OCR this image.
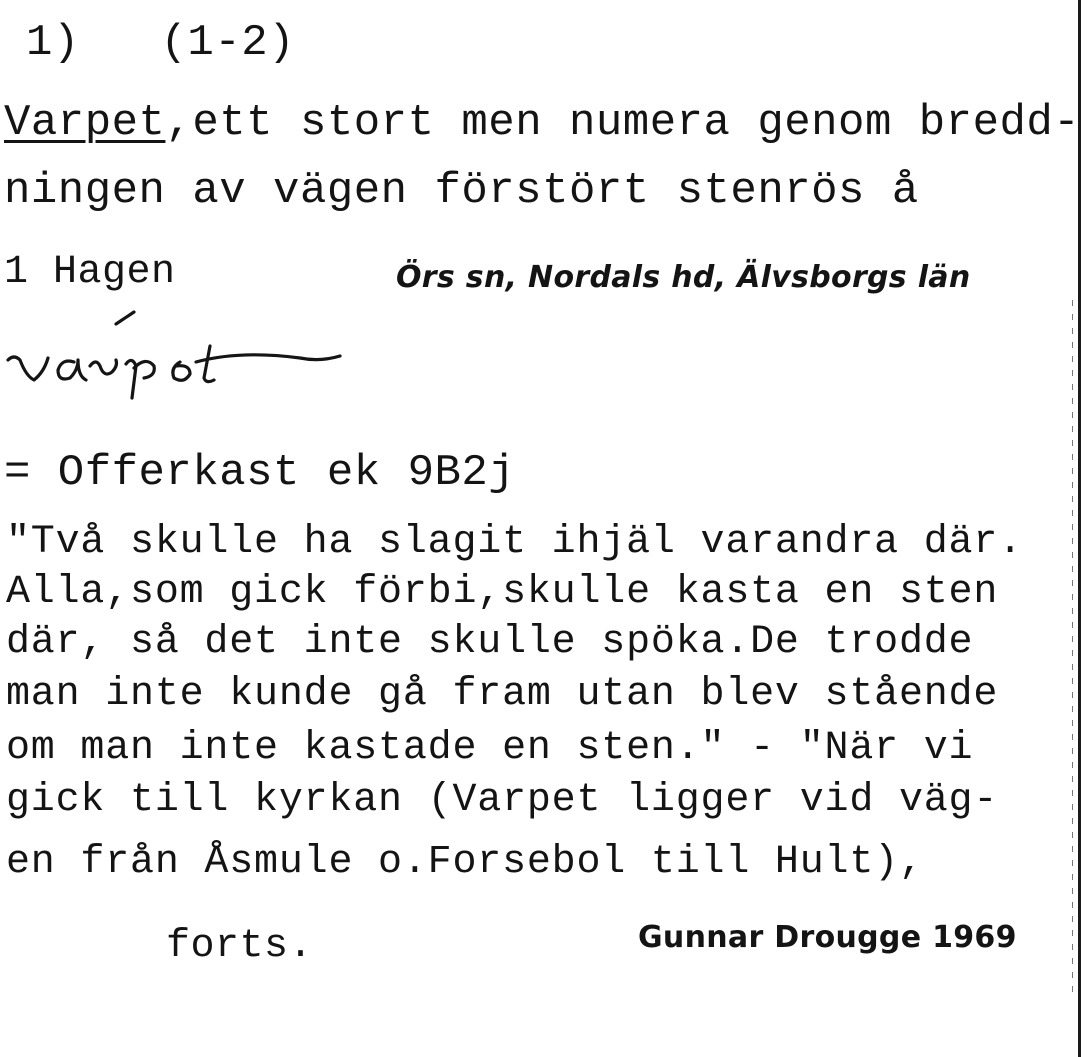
1)   (1-2)
Varpet,ett stort men numera genom bredd-
ningen av vägen förstört stenrös å
1 Hagen	Örs sn, Nordals hd, Älvsborgs län
= Offerkast ek 9B2j
"Två skulle ha slagit ihjäl varandra där.
Alla,som gick förbi,skulle kasta en sten
där, så det inte skulle spöka.De trodde
man inte kunde gå fram utan blev stående
om man inte kastade en sten." - "När vi
gick till kyrkan (Varpet ligger vid väg-
en från Åsmule o.Forsebol till Hult),
forts.	Gunnar Drougge 1969
